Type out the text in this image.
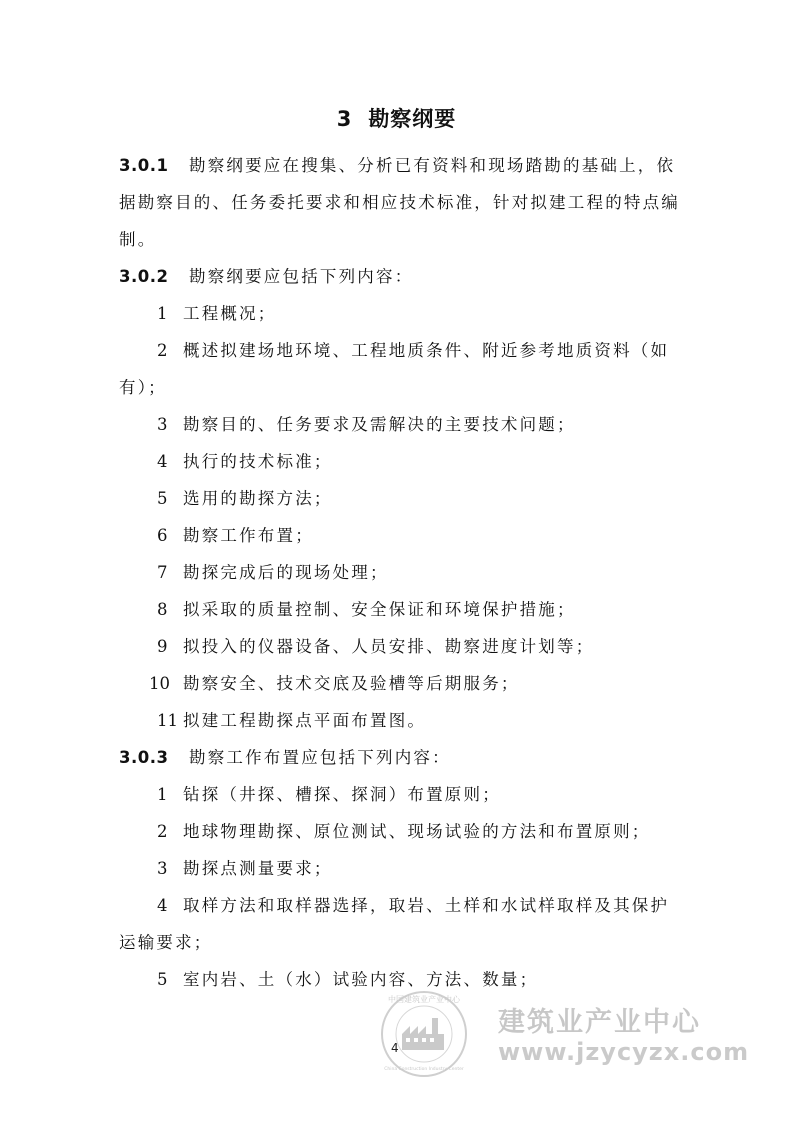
3 勘察纲要
3.0.1 勘察纲要应在搜集、分析已有资料和现场踏勘的基础上，依
据勘察目的、任务委托要求和相应技术标准，针对拟建工程的特点编
制。
3.0.2 勘察纲要应包括下列内容：
1 工程概况；
2 概述拟建场地环境、工程地质条件、附近参考地质资料（如
有）；
3 勘察目的、任务要求及需解决的主要技术问题；
4 执行的技术标准；
5 选用的勘探方法；
6 勘察工作布置；
7 勘探完成后的现场处理；
8 拟采取的质量控制、安全保证和环境保护措施；
9 拟投入的仪器设备、人员安排、勘察进度计划等；
10 勘察安全、技术交底及验槽等后期服务；
11 拟建工程勘探点平面布置图。
3.0.3 勘察工作布置应包括下列内容：
1 钻探（井探、槽探、探洞）布置原则；
2 地球物理勘探、原位测试、现场试验的方法和布置原则；
3 勘探点测量要求；
4 取样方法和取样器选择，取岩、土样和水试样取样及其保护
运输要求；
5 室内岩、土（水）试验内容、方法、数量；
中国建筑业产业中心
China Construction Industry Center
建筑业产业中心
www.jzycyzx.com
4
